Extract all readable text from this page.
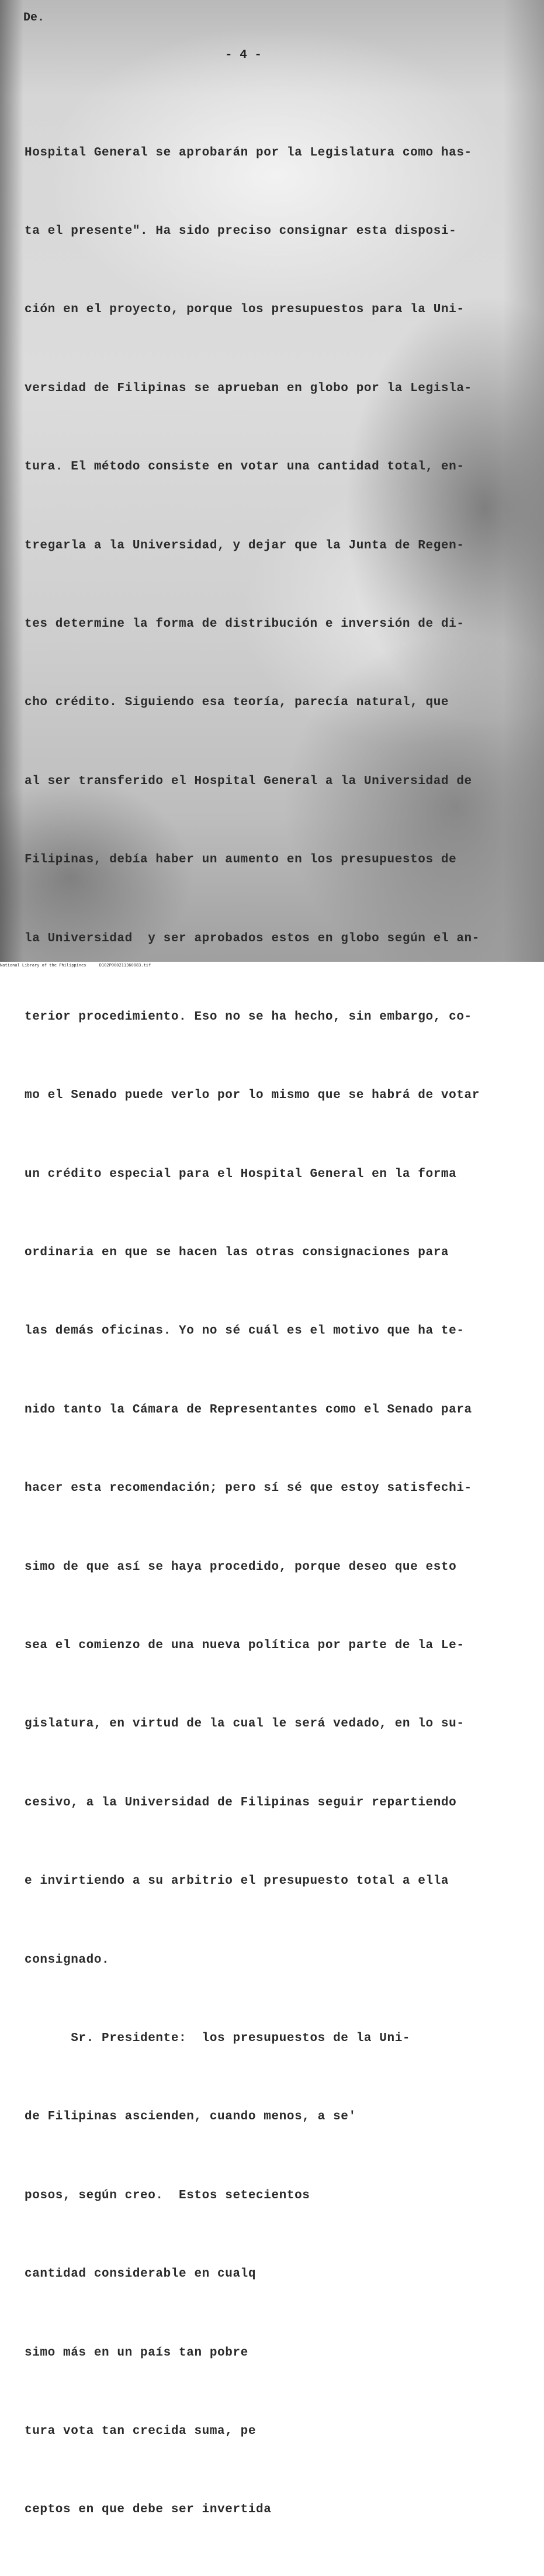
De.
- 4 -

Hospital General se aprobarán por la Legislatura como has-

ta el presente". Ha sido preciso consignar esta disposi-

ción en el proyecto, porque los presupuestos para la Uni-

versidad de Filipinas se aprueban en globo por la Legisla-

tura. El método consiste en votar una cantidad total, en-

tregarla a la Universidad, y dejar que la Junta de Regen-

tes determine la forma de distribución e inversión de di-

cho crédito. Siguiendo esa teoría, parecía natural, que

al ser transferido el Hospital General a la Universidad de

Filipinas, debía haber un aumento en los presupuestos de

la Universidad  y ser aprobados estos en globo según el an-

terior procedimiento. Eso no se ha hecho, sin embargo, co-

mo el Senado puede verlo por lo mismo que se habrá de votar

un crédito especial para el Hospital General en la forma

ordinaria en que se hacen las otras consignaciones para

las demás oficinas. Yo no sé cuál es el motivo que ha te-

nido tanto la Cámara de Representantes como el Senado para

hacer esta recomendación; pero sí sé que estoy satisfechi-

simo de que así se haya procedido, porque deseo que esto

sea el comienzo de una nueva política por parte de la Le-

gislatura, en virtud de la cual le será vedado, en lo su-

cesivo, a la Universidad de Filipinas seguir repartiendo

e invirtiendo a su arbitrio el presupuesto total a ella

consignado.

Sr. Presidente:  los presupuestos de la Uni-

de Filipinas ascienden, cuando menos, a se'

posos, según creo.  Estos setecientos

cantidad considerable en cualq

simo más en un país tan pobre

tura vota tan crecida suma, pe

ceptos en que debe ser invertida

National Library of the Philippines	D102P000211360083.tif
